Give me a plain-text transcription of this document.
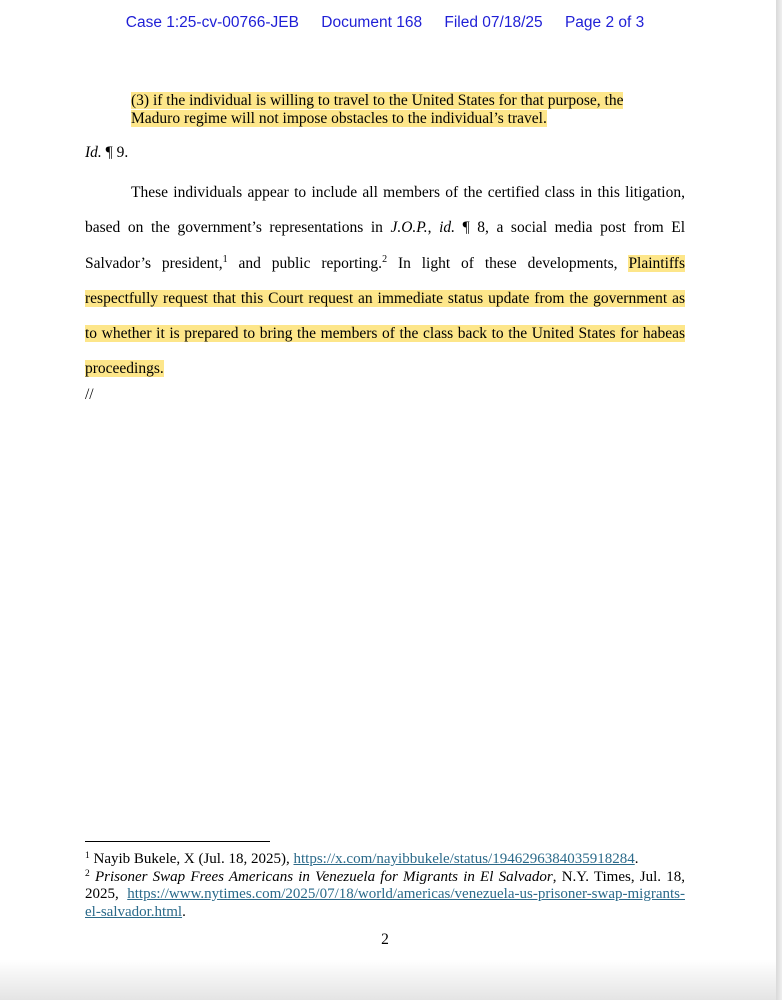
Case 1:25-cv-00766-JEB Document 168 Filed 07/18/25 Page 2 of 3
(3) if the individual is willing to travel to the United States for that purpose, the Maduro regime will not impose obstacles to the individual’s travel.
Id. ¶ 9.
These individuals appear to include all members of the certified class in this litigation, based on the government’s representations in J.O.P., id. ¶ 8, a social media post from El Salvador’s president,$^1$ and public reporting.$^2$ In light of these developments, Plaintiffs respectfully request that this Court request an immediate status update from the government as to whether it is prepared to bring the members of the class back to the United States for habeas proceedings.
//

$^1$ Nayib Bukele, X (Jul. 18, 2025), https://x.com/nayibbukele/status/1946296384035918284.

$^2$ Prisoner Swap Frees Americans in Venezuela for Migrants in El Salvador, N.Y. Times, Jul. 18, 2025, https://www.nytimes.com/2025/07/18/world/americas/venezuela-us-prisoner-swap-migrants-el-salvador.html.

2
